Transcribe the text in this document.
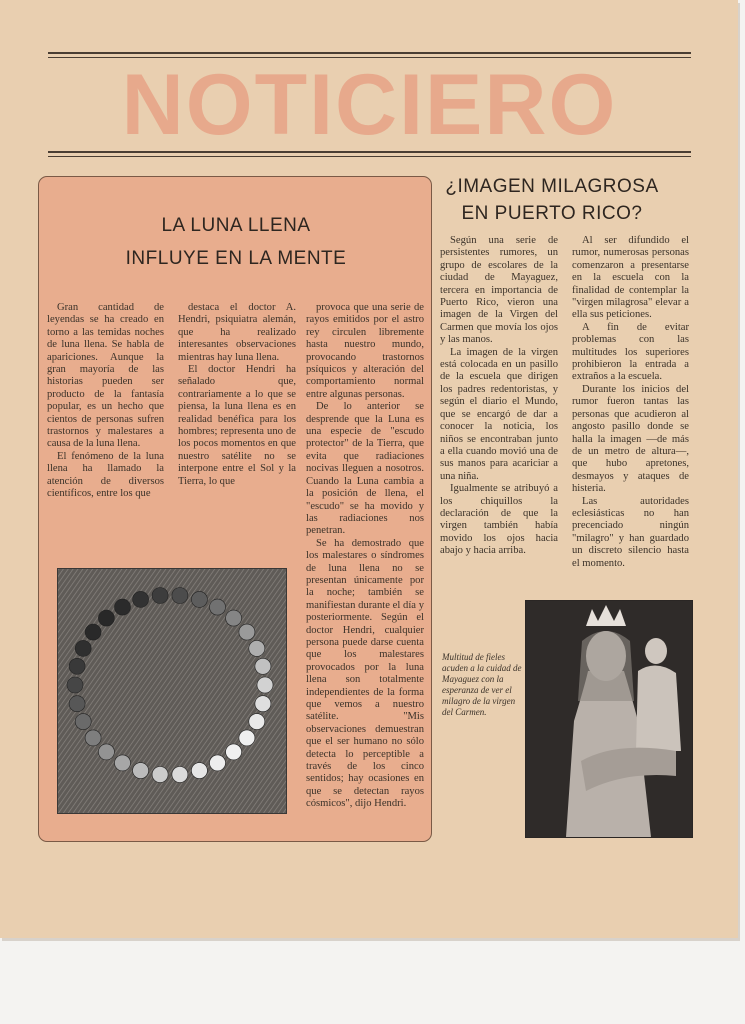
NOTICIERO
LA LUNA LLENA
INFLUYE EN LA MENTE

Gran cantidad de leyendas se ha creado en torno a las temidas noches de luna llena. Se habla de apariciones. Aunque la gran mayoría de las historias pueden ser producto de la fantasía popular, es un hecho que cientos de personas sufren trastornos y malestares a causa de la luna llena.

El fenómeno de la luna llena ha llamado la atención de diversos científicos, entre los que

destaca el doctor A. Hendri, psiquiatra alemán, que ha realizado interesantes observaciones mientras hay luna llena.

El doctor Hendri ha señalado que, contrariamente a lo que se piensa, la luna llena es en realidad benéfica para los hombres; representa uno de los pocos momentos en que nuestro satélite no se interpone entre el Sol y la Tierra, lo que

provoca que una serie de rayos emitidos por el astro rey circulen libremente hasta nuestro mundo, provocando trastornos psíquicos y alteración del comportamiento normal entre algunas personas.

De lo anterior se desprende que la Luna es una especie de "escudo protector" de la Tierra, que evita que radiaciones nocivas lleguen a nosotros. Cuando la Luna cambia a la posición de llena, el "escudo" se ha movido y las radiaciones nos penetran.

Se ha demostrado que los malestares o síndromes de luna llena no se presentan únicamente por la noche; también se manifiestan durante el día y posteriormente. Según el doctor Hendri, cualquier persona puede darse cuenta que los malestares provocados por la luna llena son totalmente independientes de la forma que vemos a nuestro satélite. "Mis observaciones demuestran que el ser humano no sólo detecta lo perceptible a través de los cinco sentidos; hay ocasiones en que se detectan rayos cósmicos", dijo Hendri.

¿IMAGEN MILAGROSA
EN PUERTO RICO?

Según una serie de persistentes rumores, un grupo de escolares de la ciudad de Mayaguez, tercera en importancia de Puerto Rico, vieron una imagen de la Virgen del Carmen que movía los ojos y las manos.

La imagen de la virgen está colocada en un pasillo de la escuela que dirigen los padres redentoristas, y según el diario el Mundo, que se encargó de dar a conocer la noticia, los niños se encontraban junto a ella cuando movió una de sus manos para acariciar a una niña.

Igualmente se atribuyó a los chiquillos la declaración de que la virgen también había movido los ojos hacia abajo y hacia arriba.

Al ser difundido el rumor, numerosas personas comenzaron a presentarse en la escuela con la finalidad de contemplar la "virgen milagrosa" elevar a ella sus peticiones.

A fin de evitar problemas con las multitudes los superiores prohibieron la entrada a extraños a la escuela.

Durante los inicios del rumor fueron tantas las personas que acudieron al angosto pasillo donde se halla la imagen —de más de un metro de altura—, que hubo apretones, desmayos y ataques de histeria.

Las autoridades eclesiásticas no han precenciado ningún "milagro" y han guardado un discreto silencio hasta el momento.

Multitud de fieles acuden a la cuidad de Mayaguez con la esperanza de ver el milagro de la virgen del Carmen.
